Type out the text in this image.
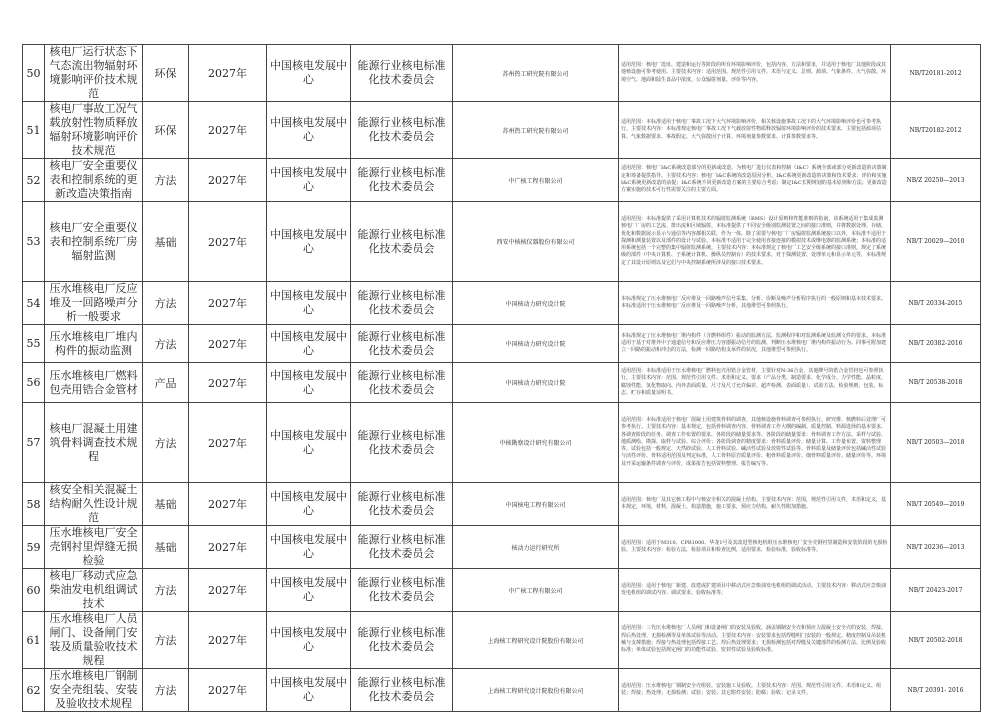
50	核电厂运行状态下气态流出物辐射环境影响评价技术规范	环保	2027年	中国核电发展中心	能源行业核电标准化技术委员会	苏州热工研究院有限公司	适用范围：核电厂选址、建造和运行等阶段的所有环境影响评价，包括内容、方法和要求，并适用于核电厂其他阶段或其他核设施可参考使用。主要技术内容：适用范围、规范性引用文件、术语与定义、总则、源项、气象条件、大气弥散、环境空气、地面和陆生食品中浓度、公众辐射剂量、评价等内容。	NB/T20181-2012
51	核电厂事故工况气载放射性物质释放辐射环境影响评价技术规范	环保	2027年	中国核电发展中心	能源行业核电标准化技术委员会	苏州热工研究院有限公司	适用范围：本标准适用于核电厂事故工况下大气环境影响评价，相关核设施事故工况下的大气环境影响评价也可参考执行。主要技术内容：本标准规定核电厂事故工况下气载放射性物质释放辐射环境影响评价的技术要求，主要包括源项估算、气象数据要求、事故假定、大气弥散因子计算、环境剂量参数要求、计算参数要求等。	NB/T20182-2012
52	核电厂安全重要仪表和控制系统的更新改造决策指南	方法	2027年	中国核电发展中心	能源行业核电标准化技术委员会	中广核工程有限公司	适用范围：核电厂I&C系统改造部分的更新或改造，为核电厂进行仪表和控制（I&C）系统全部或部分更新改造的决策制定和筹备提供指导。主要技术内容：核电厂I&C系统的改造原因分析，I&C系统更新改造的决策和技术要求：评价和实施I&C系统更新改造的前提；I&C系统不同更新改造方案的主要综合考虑；制定I&C长期规划的基本原则和方法；更新改造方案实施的技术可行性需要关注的主要方面。	NB/Z 20250—2013
53	核电厂安全重要仪表和控制系统厂房辐射监测	基础	2027年	中国核电发展中心	能源行业核电标准化技术委员会	西安中核核仪器股份有限公司	适用范围：本标准提供了采用计算机技术的辐射监测系统（RMS）设计原则和性能准则的指南，该系统适用于集成监测核电厂厂房的工艺流、排出流和区域辐射。本标准提供了不同安全级别监测装置之间的接口准则，并将数据处理、存储、优化和数据展示显示与通信等内容都相关联，作为一体。除了需要与核电厂厂房辐射监测系统接口以外，本标准不适用于探测和测量装置以及部件的设计与试验。本标准不适用于完全使用直接连接的模拟技术或继电器的监测系统；本标准的适用系统包括一个完整的集中辐射监测系统。主要技术内容：本标准规定了核电厂工艺安全级系统的接口准则，规定了系统级的部件（中央计算机、子系统计算机、操纵员控制台）的技术要求，对于探测装置、处理单元和显示单元等，本标准规定了其设计原则以及它们与中央控制系统所涉及的接口技术要求。	NB/T 20029—2010
54	压水堆核电厂反应堆及一回路噪声分析一般要求	方法	2027年	中国核电发展中心	能源行业核电标准化技术委员会	中国核动力研究设计院	本标准规定了压水堆核电厂反应堆及一回路噪声信号采集、分析、诊断及噪声分析程序执行的一般原则和基本技术要求。本标准适用于压水堆核电厂反应堆及一回路噪声分析，其他堆型可参照执行。	NB/T 20334-2015
55	压水堆核电厂堆内构件的振动监测	方法	2027年	中国核电发展中心	能源行业核电标准化技术委员会	中国核动力研究设计院	本标准规定了压水堆核电厂堆内构件（含燃料组件）振动的监测方法，监测程序和对监测系统及监测文件的要求。本标准适用于基于对堆外中子通道信号和反应堆压力容器振动信号的监测，判断压水堆核电厂堆内构件振动行为。同事可附加建立一回路的振动和冲击的方法，检测一回路结构支承件的状况，其他堆型可参照执行。	NB/T 20382-2016
56	压水堆核电厂燃料包壳用锆合金管材	产品	2027年	中国核电发展中心	能源行业核电标准化技术委员会	中国核动力研究设计院	适用范围：本标准适用于压水堆核电厂燃料包壳用锆合金管材，主要针对N-36合金，其他牌号的锆合金管材也可参照执行。主要技术内容：范围、规范性引用文件、术语和定义、要求（产品分类、制造要求、化学成分、力学性能、晶粒度、腐蚀性能、氢化物取向、内外表面质量、尺寸及尺寸允许偏差、超声检测、表面质量）、试验方法、检验规则、包装、标志、贮存和质量证明书。	NB/T 20538-2018
57	核电厂混凝土用建筑骨料调查技术规程	方法	2027年	中国核电发展中心	能源行业核电标准化技术委员会	中核勘察设计研究有限公司	适用范围：本标准适用于核电厂混凝土用建筑骨料的调查，其他核设施骨料调查可参照执行。研究堆、核燃料后处理厂可参考执行。主要技术内容：基本规定，包括骨料调查内容、骨料调查工作大纲的编制、质量控制、料源选择的基本要求、各调查阶段的任务、调查工作布置的要求、各阶段的储量要求等。各阶段的储量要求：骨料调查工作方法、采样与试验、地质测绘、勘探、取样与试验、综合评价；各阶段调查的精度要求：骨料质量评价、储量计算、工作量布置、资料整理等。试验包括一般规定、天然砂试验、人工骨料试验、碱活性试验及放射性试验等。骨料质量及储量评价包括碱活性试验与活性评价、骨料适用范围及判定标准，人工骨料原岩质量评价、粗骨料质量评价、细骨料质量评价、储量评价等。环境及开采运输条件调查与评价，成果报告包括资料整理、报告编写等。	NB/T 20503—2018
58	核安全相关混凝土结构耐久性设计规范	基础	2027年	中国核电发展中心	能源行业核电标准化技术委员会	中国核电工程有限公司	适用范围：核电厂及其它核工程中与核安全相关的混凝土结构。主要技术内容：范围，规范性引用文件，术语和定义，基本规定，环境，材料，混凝土，构造措施，施工要求，预应力结构，耐久性附加措施。	NB/T 20549—2019
59	压水堆核电厂安全壳钢衬里焊缝无损检验	基础	2027年	中国核电发展中心	能源行业核电标准化技术委员会	核动力运行研究所	适用范围：适用于M310、CPR1000、华龙1号及其改进型核电机组压水堆核电厂安全壳钢衬里制造和安装阶段的无损检验。主要技术内容：检验方法，检验项目和检查比例，适用要求，检验标准，验收标准等。	NB/T 20236—2013
60	核电厂移动式应急柴油发电机组调试技术	方法	2027年	中国核电发展中心	能源行业核电标准化技术委员会	中广核工程有限公司	适用范围：适用于核电厂新建、改建或扩建项目中移动式应急柴油发电机组的调试活动。主要技术内容：移动式应急柴油发电机组的调试内容、调试要求、验收标准等。	NB/T 20423-2017
61	压水堆核电厂人员闸门、设备闸门安装及质量验收技术规程	方法	2027年	中国核电发展中心	能源行业核电标准化技术委员会	上海核工程研究设计院股份有限公司	适用范围：三代压水堆核电厂人员闸门和设备闸门的安装及验收，涵盖钢制安全壳和预应力混凝土安全壳的安装、焊接、焊后热处理、无损检测等及单体试验等活动。主要技术内容：安装要求包括焊缝明门安装的一般规定、精度控制及吊装机械与支撑措施；焊接与热处理包括焊接工艺、焊后热处理要求；无损检测包括对焊缝及关键部件的检测方法、比例及验收标准；单体试验包括规定闸门的功能性试验、密封性试验及验收标准。	NB/T 20502-2018
62	压水堆核电厂钢制安全壳组装、安装及验收技术规程	方法	2027年	中国核电发展中心	能源行业核电标准化技术委员会	上海核工程研究设计院股份有限公司	适用范围：压水堆核电厂钢制安全壳组装、安装施工及验收。主要技术内容：范围、规范性引用文件、术语和定义、组装；焊接；热处理；无损检测；试验；安装；其它附件安装；防腐；验收；记录文件。	NB/T 20391- 2016
